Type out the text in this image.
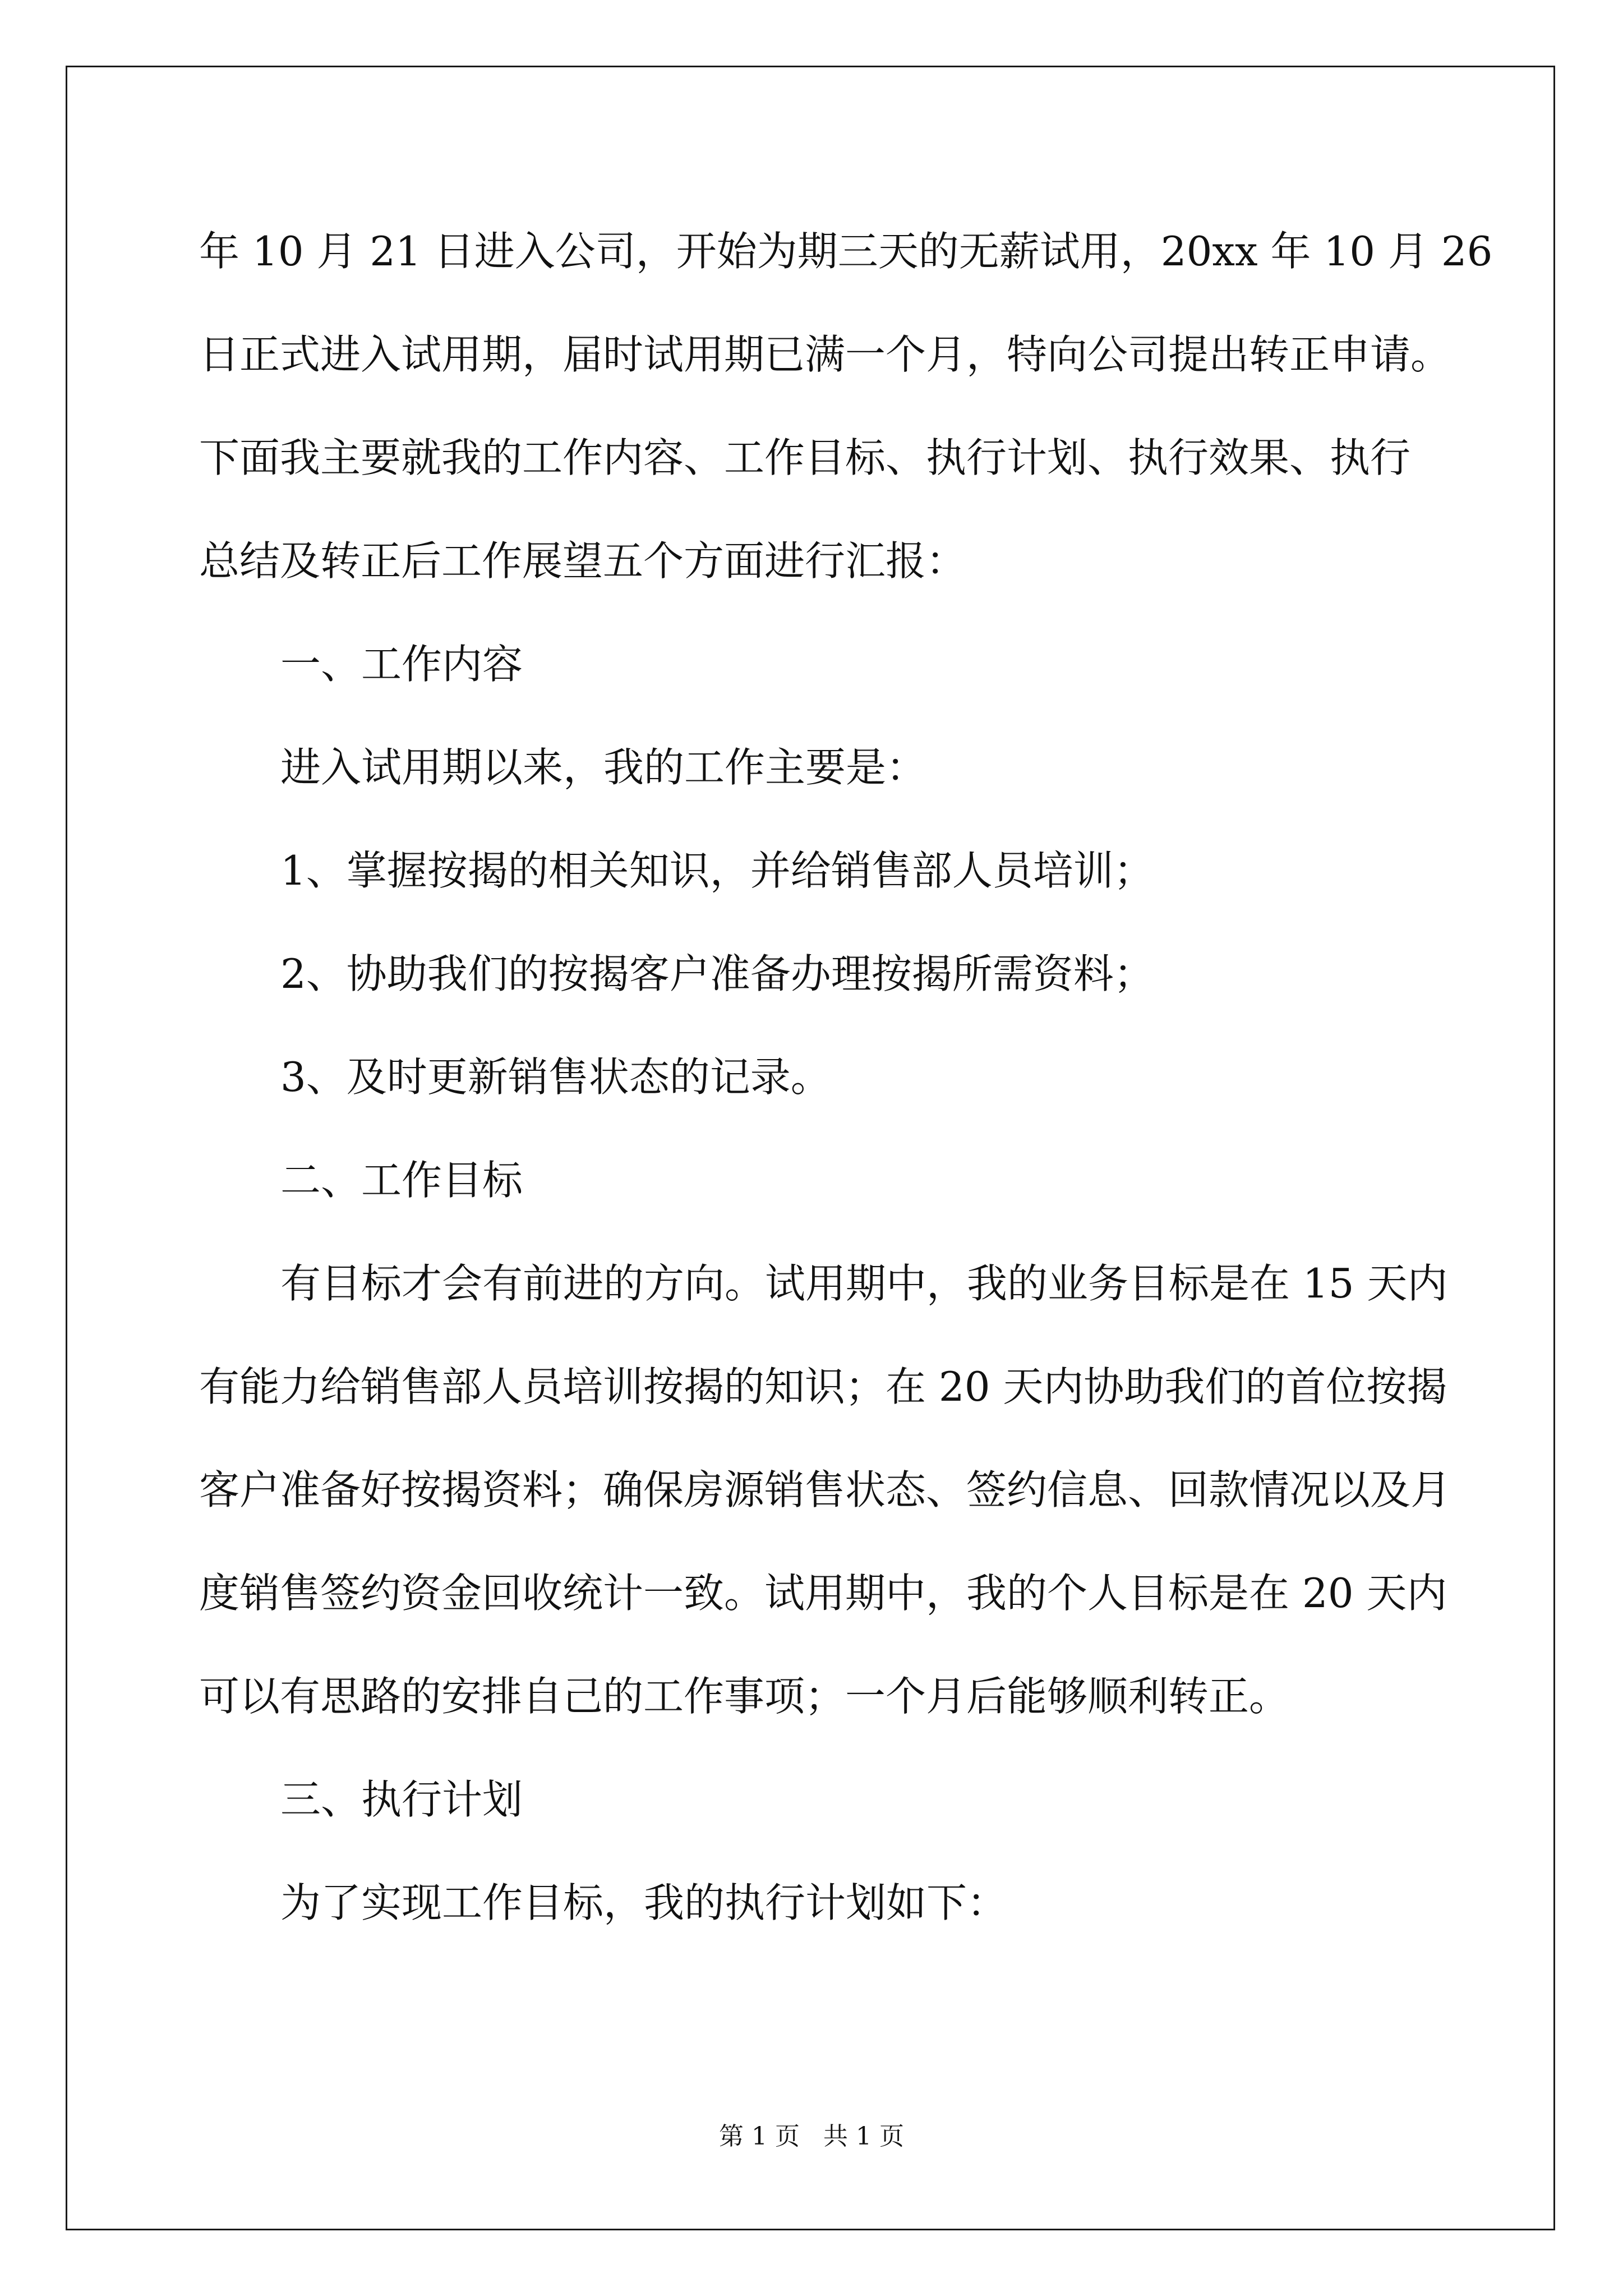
年 10 月 21 日进入公司，开始为期三天的无薪试用，20xx 年 10 月 26
日正式进入试用期，届时试用期已满一个月，特向公司提出转正申请。
下面我主要就我的工作内容、工作目标、执行计划、执行效果、执行
总结及转正后工作展望五个方面进行汇报：
一、工作内容
进入试用期以来，我的工作主要是：
1、掌握按揭的相关知识，并给销售部人员培训；
2、协助我们的按揭客户准备办理按揭所需资料；
3、及时更新销售状态的记录。
二、工作目标
有目标才会有前进的方向。试用期中，我的业务目标是在 15 天内
有能力给销售部人员培训按揭的知识；在 20 天内协助我们的首位按揭
客户准备好按揭资料；确保房源销售状态、签约信息、回款情况以及月
度销售签约资金回收统计一致。试用期中，我的个人目标是在 20 天内
可以有思路的安排自己的工作事项；一个月后能够顺利转正。
三、执行计划
为了实现工作目标，我的执行计划如下：
第 1 页   共 1 页
